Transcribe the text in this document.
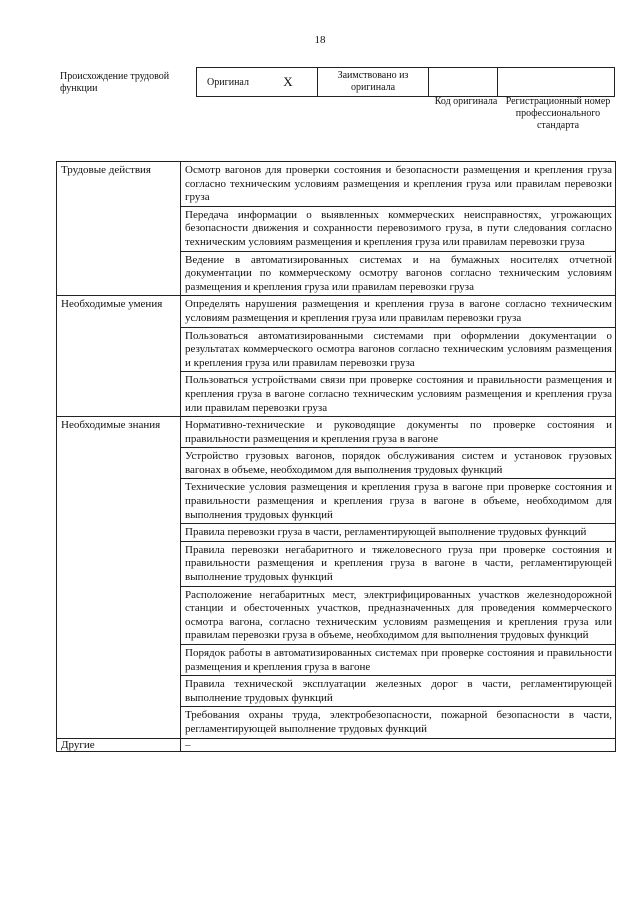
18
Происхождение трудовой функции
Оригинал	X	Заимствовано из оригинала		
Код оригинала Регистрационный номер профессионального стандарта
Трудовые действия	Осмотр вагонов для проверки состояния и безопасности размещения и крепления груза согласно техническим условиям размещения и крепления груза или правилам перевозки груза
	Передача информации о выявленных коммерческих неисправностях, угрожающих безопасности движения и сохранности перевозимого груза, в пути следования согласно техническим условиям размещения и крепления груза или правилам перевозки груза
	Ведение в автоматизированных системах и на бумажных носителях отчетной документации по коммерческому осмотру вагонов согласно техническим условиям размещения и крепления груза или правилам перевозки груза
Необходимые умения	Определять нарушения размещения и крепления груза в вагоне согласно техническим условиям размещения и крепления груза или правилам перевозки груза
	Пользоваться автоматизированными системами при оформлении документации о результатах коммерческого осмотра вагонов согласно техническим условиям размещения и крепления груза или правилам перевозки груза
	Пользоваться устройствами связи при проверке состояния и правильности размещения и крепления груза в вагоне согласно техническим условиям размещения и крепления груза или правилам перевозки груза
Необходимые знания	Нормативно-технические и руководящие документы по проверке состояния и правильности размещения и крепления груза в вагоне
	Устройство грузовых вагонов, порядок обслуживания систем и установок грузовых вагонах в объеме, необходимом для выполнения трудовых функций
	Технические условия размещения и крепления груза в вагоне при проверке состояния и правильности размещения и крепления груза в вагоне в объеме, необходимом для выполнения трудовых функций
	Правила перевозки груза в части, регламентирующей выполнение трудовых функций
	Правила перевозки негабаритного и тяжеловесного груза при проверке состояния и правильности размещения и крепления груза в вагоне в части, регламентирующей выполнение трудовых функций
	Расположение негабаритных мест, электрифицированных участков железнодорожной станции и обесточенных участков, предназначенных для проведения коммерческого осмотра вагона, согласно техническим условиям размещения и крепления груза или правилам перевозки груза в объеме, необходимом для выполнения трудовых функций
	Порядок работы в автоматизированных системах при проверке состояния и правильности размещения и крепления груза в вагоне
	Правила технической эксплуатации железных дорог в части, регламентирующей выполнение трудовых функций
	Требования охраны труда, электробезопасности, пожарной безопасности в части, регламентирующей выполнение трудовых функций
Другие	–
